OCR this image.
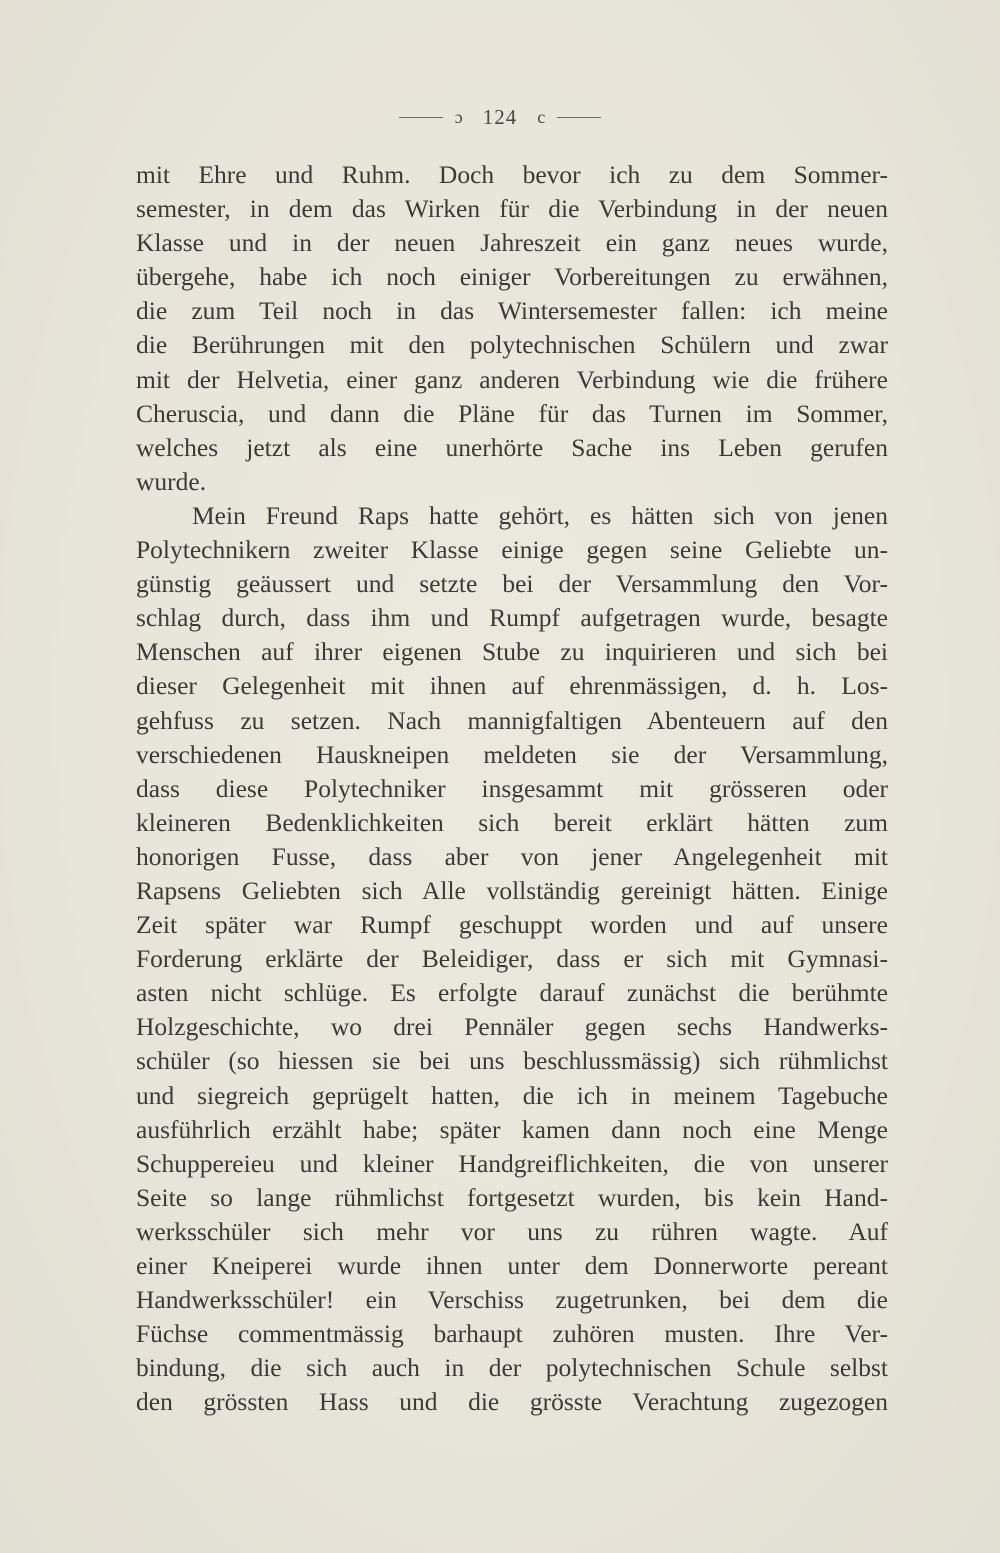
ɔ 124 c
mit Ehre und Ruhm. Doch bevor ich zu dem Sommer-
semester, in dem das Wirken für die Verbindung in der neuen
Klasse und in der neuen Jahreszeit ein ganz neues wurde,
übergehe, habe ich noch einiger Vorbereitungen zu erwähnen,
die zum Teil noch in das Wintersemester fallen: ich meine
die Berührungen mit den polytechnischen Schülern und zwar
mit der Helvetia, einer ganz anderen Verbindung wie die frühere
Cheruscia, und dann die Pläne für das Turnen im Sommer,
welches jetzt als eine unerhörte Sache ins Leben gerufen
wurde.
Mein Freund Raps hatte gehört, es hätten sich von jenen
Polytechnikern zweiter Klasse einige gegen seine Geliebte un-
günstig geäussert und setzte bei der Versammlung den Vor-
schlag durch, dass ihm und Rumpf aufgetragen wurde, besagte
Menschen auf ihrer eigenen Stube zu inquirieren und sich bei
dieser Gelegenheit mit ihnen auf ehrenmässigen, d. h. Los-
gehfuss zu setzen. Nach mannigfaltigen Abenteuern auf den
verschiedenen Hauskneipen meldeten sie der Versammlung,
dass diese Polytechniker insgesammt mit grösseren oder
kleineren Bedenklichkeiten sich bereit erklärt hätten zum
honorigen Fusse, dass aber von jener Angelegenheit mit
Rapsens Geliebten sich Alle vollständig gereinigt hätten. Einige
Zeit später war Rumpf geschuppt worden und auf unsere
Forderung erklärte der Beleidiger, dass er sich mit Gymnasi-
asten nicht schlüge. Es erfolgte darauf zunächst die berühmte
Holzgeschichte, wo drei Pennäler gegen sechs Handwerks-
schüler (so hiessen sie bei uns beschlussmässig) sich rühmlichst
und siegreich geprügelt hatten, die ich in meinem Tagebuche
ausführlich erzählt habe; später kamen dann noch eine Menge
Schuppereieu und kleiner Handgreiflichkeiten, die von unserer
Seite so lange rühmlichst fortgesetzt wurden, bis kein Hand-
werksschüler sich mehr vor uns zu rühren wagte. Auf
einer Kneiperei wurde ihnen unter dem Donnerworte pereant
Handwerksschüler! ein Verschiss zugetrunken, bei dem die
Füchse commentmässig barhaupt zuhören musten. Ihre Ver-
bindung, die sich auch in der polytechnischen Schule selbst
den grössten Hass und die grösste Verachtung zugezogen
